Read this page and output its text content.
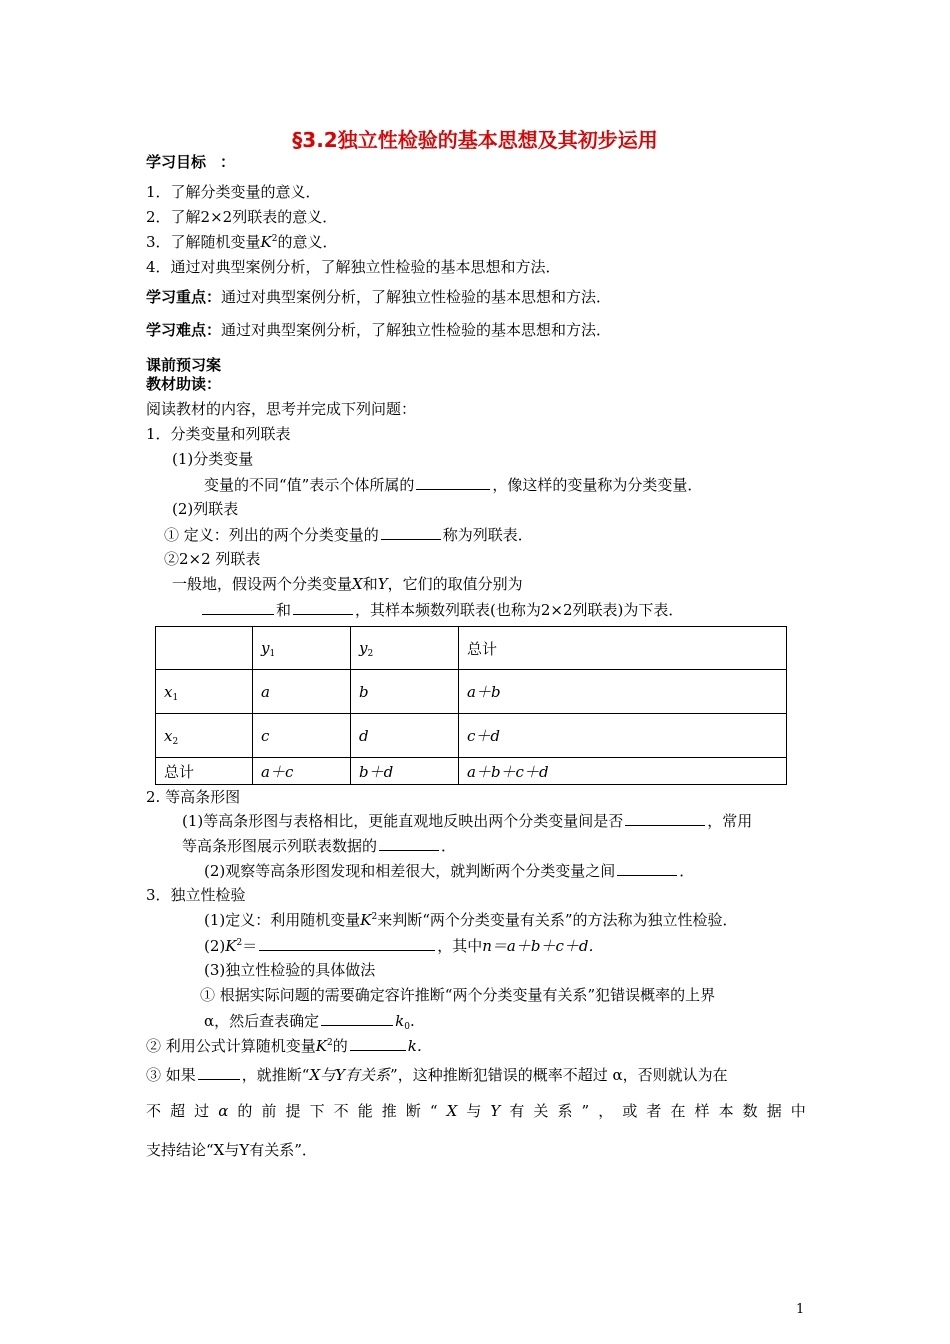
§3.2独立性检验的基本思想及其初步运用
学习目标 ：
1．了解分类变量的意义．
2．了解2×2列联表的意义．
3．了解随机变量$K^2$的意义．
4．通过对典型案例分析，了解独立性检验的基本思想和方法．
学习重点：通过对典型案例分析，了解独立性检验的基本思想和方法．
学习难点：通过对典型案例分析，了解独立性检验的基本思想和方法．
课前预习案
教材助读：
阅读教材的内容，思考并完成下列问题：
1．分类变量和列联表
(1)分类变量
变量的不同“值”表示个体所属的	，像这样的变量称为分类变量．
(2)列联表
① 定义：列出的两个分类变量的	称为列联表．
②2×2 列联表
一般地，假设两个分类变量X和Y，它们的取值分别为
和	，其样本频数列联表(也称为2×2列联表)为下表．
	$y_1$	$y_2$	总计
$x_1$	a	b	a＋b
$x_2$	c	d	c＋d
总计	a＋c	b＋d	a＋b＋c＋d
2. 等高条形图
(1)等高条形图与表格相比，更能直观地反映出两个分类变量间是否	，常用
等高条形图展示列联表数据的	．
(2)观察等高条形图发现和相差很大，就判断两个分类变量之间	．
3．独立性检验
(1)定义：利用随机变量$K^2$来判断“两个分类变量有关系”的方法称为独立性检验．
$(2)K^2=$	，其中n＝a＋b＋c＋d．
(3)独立性检验的具体做法
① 根据实际问题的需要确定容许推断“两个分类变量有关系”犯错误概率的上界
α，然后查表确定	$k_0$.
② 利用公式计算随机变量$K^2$的	k．
③ 如果	，就推断“X与Y有关系”，这种推断犯错误的概率不超过 α，否则就认为在
不 超 过 α 的 前 提 下 不 能 推 断 “ X 与 Y 有 关 系 ” ， 或 者 在 样 本 数 据 中
支持结论“X与Y有关系”．
1
